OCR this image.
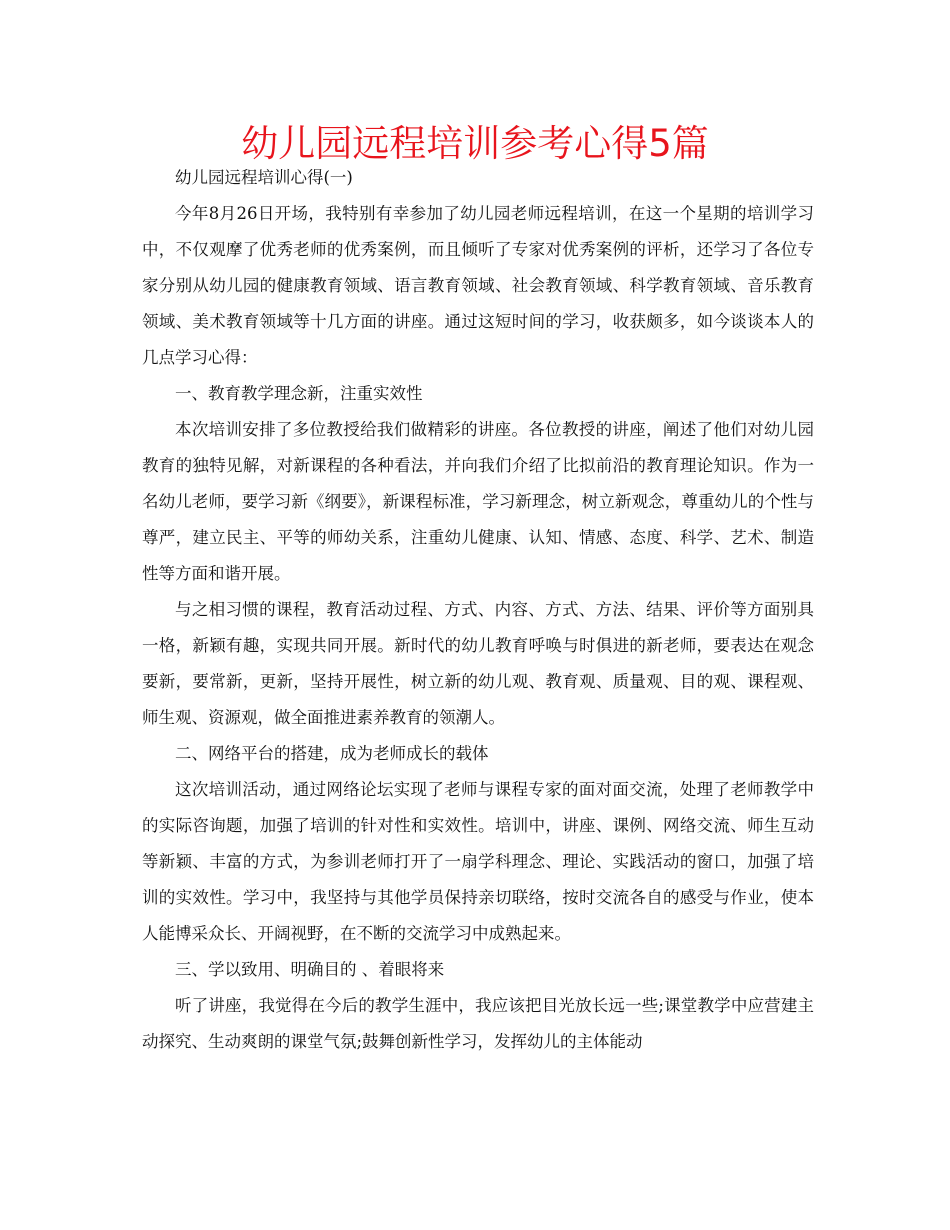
幼儿园远程培训参考心得5篇

幼儿园远程培训心得(一)

今年8月26日开场，我特别有幸参加了幼儿园老师远程培训，在这一个星期的培训学习中，不仅观摩了优秀老师的优秀案例，而且倾听了专家对优秀案例的评析，还学习了各位专家分别从幼儿园的健康教育领域、语言教育领域、社会教育领域、科学教育领域、音乐教育领域、美术教育领域等十几方面的讲座。通过这短时间的学习，收获颇多，如今谈谈本人的几点学习心得：

一、教育教学理念新，注重实效性

本次培训安排了多位教授给我们做精彩的讲座。各位教授的讲座，阐述了他们对幼儿园教育的独特见解，对新课程的各种看法，并向我们介绍了比拟前沿的教育理论知识。作为一名幼儿老师，要学习新《纲要》，新课程标准，学习新理念，树立新观念，尊重幼儿的个性与尊严，建立民主、平等的师幼关系，注重幼儿健康、认知、情感、态度、科学、艺术、制造性等方面和谐开展。

与之相习惯的课程，教育活动过程、方式、内容、方式、方法、结果、评价等方面别具一格，新颖有趣，实现共同开展。新时代的幼儿教育呼唤与时俱进的新老师，要表达在观念要新，要常新，更新，坚持开展性，树立新的幼儿观、教育观、质量观、目的观、课程观、师生观、资源观，做全面推进素养教育的领潮人。

二、网络平台的搭建，成为老师成长的载体

这次培训活动，通过网络论坛实现了老师与课程专家的面对面交流，处理了老师教学中的实际咨询题，加强了培训的针对性和实效性。培训中，讲座、课例、网络交流、师生互动等新颖、丰富的方式，为参训老师打开了一扇学科理念、理论、实践活动的窗口，加强了培训的实效性。学习中，我坚持与其他学员保持亲切联络，按时交流各自的感受与作业，使本人能博采众长、开阔视野，在不断的交流学习中成熟起来。

三、学以致用、明确目的 、着眼将来

听了讲座，我觉得在今后的教学生涯中，我应该把目光放长远一些;课堂教学中应营建主动探究、生动爽朗的课堂气氛;鼓舞创新性学习，发挥幼儿的主体能动
